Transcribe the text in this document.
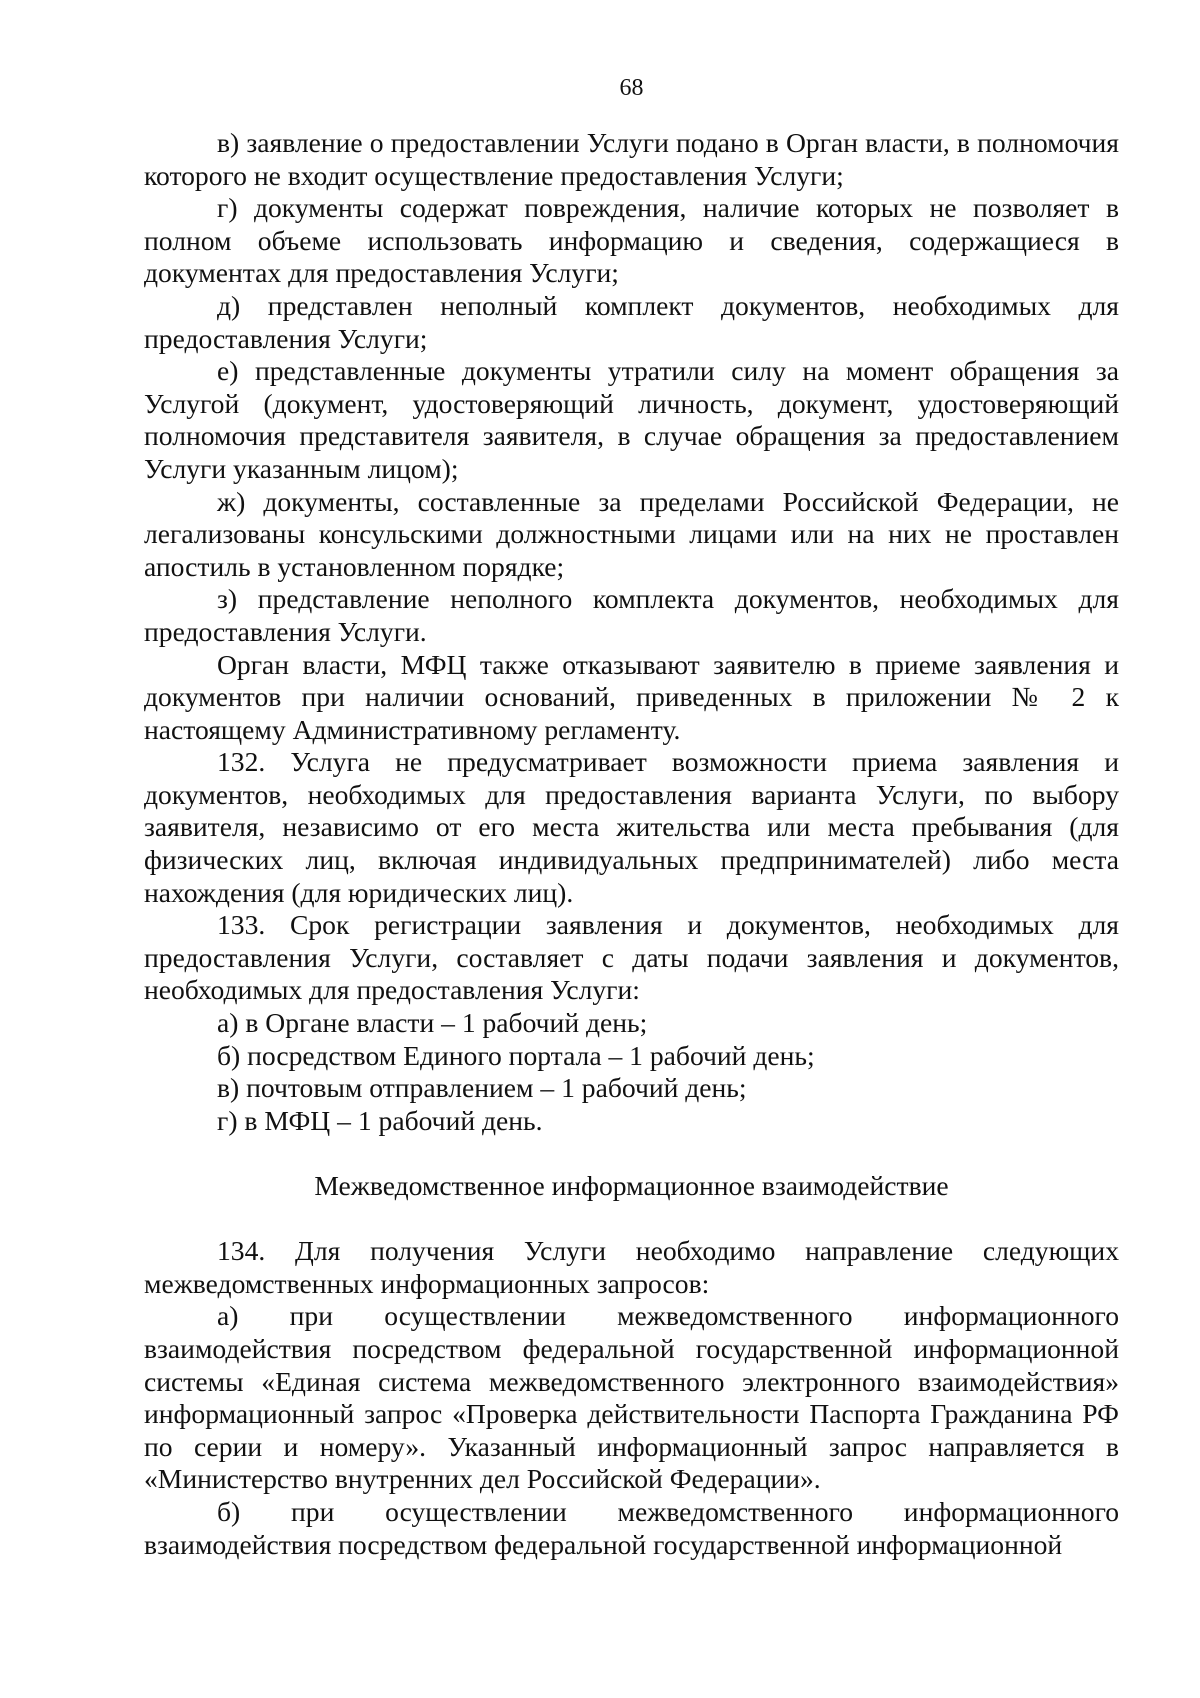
68

в) заявление о предоставлении Услуги подано в Орган власти, в полномочия которого не входит осуществление предоставления Услуги;

г) документы содержат повреждения, наличие которых не позволяет в полном объеме использовать информацию и сведения, содержащиеся в документах для предоставления Услуги;

д) представлен неполный комплект документов, необходимых для предоставления Услуги;

е) представленные документы утратили силу на момент обращения за Услугой (документ, удостоверяющий личность, документ, удостоверяющий полномочия представителя заявителя, в случае обращения за предоставлением Услуги указанным лицом);

ж) документы, составленные за пределами Российской Федерации, не легализованы консульскими должностными лицами или на них не проставлен апостиль в установленном порядке;

з) представление неполного комплекта документов, необходимых для предоставления Услуги.

Орган власти, МФЦ также отказывают заявителю в приеме заявления и документов при наличии оснований, приведенных в приложении № 2 к настоящему Административному регламенту.

132. Услуга не предусматривает возможности приема заявления и документов, необходимых для предоставления варианта Услуги, по выбору заявителя, независимо от его места жительства или места пребывания (для физических лиц, включая индивидуальных предпринимателей) либо места нахождения (для юридических лиц).

133. Срок регистрации заявления и документов, необходимых для предоставления Услуги, составляет с даты подачи заявления и документов, необходимых для предоставления Услуги:

а) в Органе власти – 1 рабочий день;

б) посредством Единого портала – 1 рабочий день;

в) почтовым отправлением – 1 рабочий день;

г) в МФЦ – 1 рабочий день.

Межведомственное информационное взаимодействие

134. Для получения Услуги необходимо направление следующих межведомственных информационных запросов:

а) при осуществлении межведомственного информационного взаимодействия посредством федеральной государственной информационной системы «Единая система межведомственного электронного взаимодействия» информационный запрос «Проверка действительности Паспорта Гражданина РФ по серии и номеру». Указанный информационный запрос направляется в «Министерство внутренних дел Российской Федерации».

б) при осуществлении межведомственного информационного взаимодействия посредством федеральной государственной информационной
